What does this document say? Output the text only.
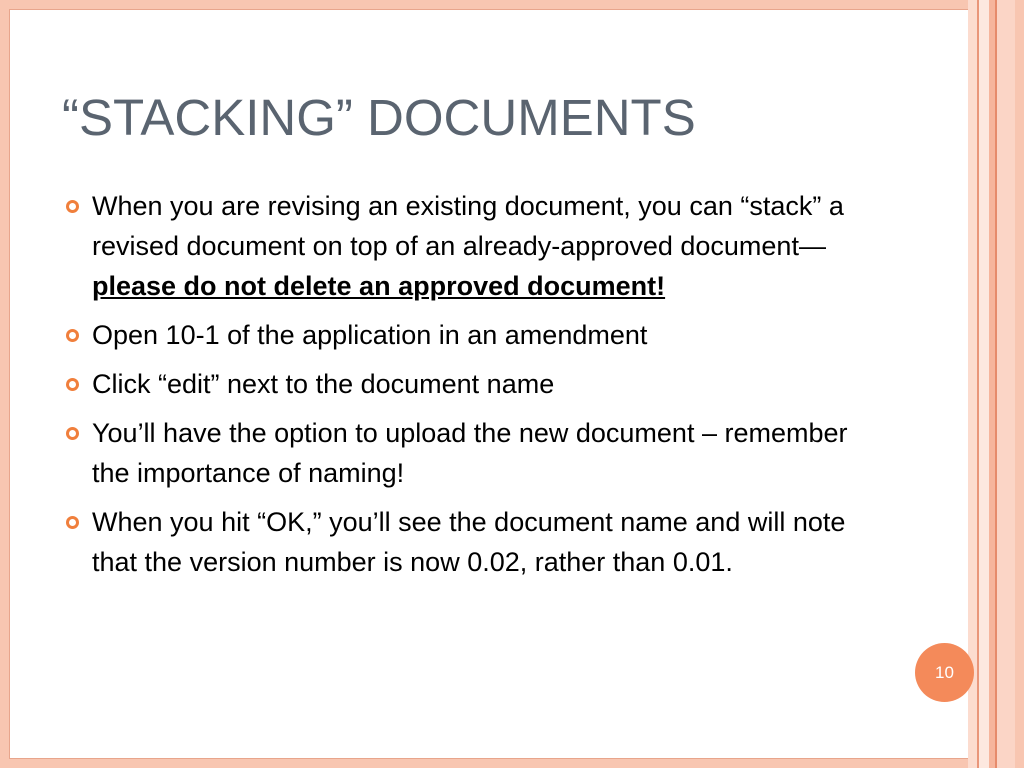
“STACKING” DOCUMENTS
When you are revising an existing document, you can “stack” a revised document on top of an already-approved document—please do not delete an approved document!
Open 10-1 of the application in an amendment
Click “edit” next to the document name
You’ll have the option to upload the new document – remember the importance of naming!
When you hit “OK,” you’ll see the document name and will note that the version number is now 0.02, rather than 0.01.
10
